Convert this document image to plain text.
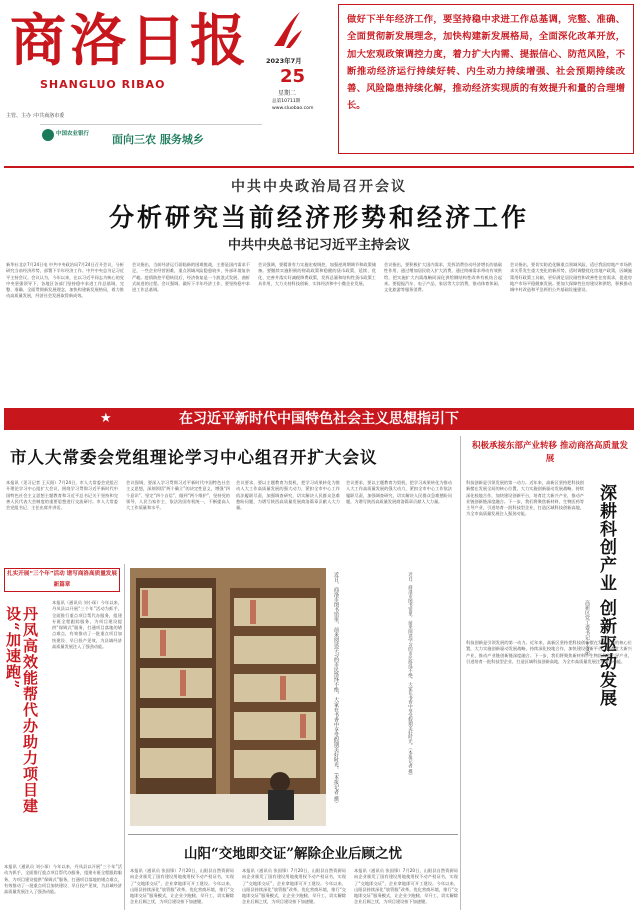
商洛日报
SHANGLUO RIBAO
主管、主办 :中共商洛市委
2023年7月
25
星期二
总第10711期
www.sluobao.com
中国农业银行 面向三农 服务城乡
做好下半年经济工作，要坚持稳中求进工作总基调，完整、准确、全面贯彻新发展理念，加快构建新发展格局，全面深化改革开放，加大宏观政策调控力度，着力扩大内需、提振信心、防范风险，不断推动经济运行持续好转、内生动力持续增强、社会预期持续改善、风险隐患持续化解，推动经济实现质的有效提升和量的合理增长。
中共中央政治局召开会议
分析研究当前经济形势和经济工作
中共中央总书记习近平主持会议
新华社北京7月24日电 中共中央政治局7月24日召开会议，分析研究当前经济形势，部署下半年经济工作。中共中央总书记习近平主持会议。会议认为，今年以来，在以习近平同志为核心的党中央坚强领导下，各地区各部门坚持稳中求进工作总基调，完整、准确、全面贯彻新发展理念，加快构建新发展格局，着力推动高质量发展，经济社会发展取得新成效。
会议指出，当前经济运行面临新的困难挑战，主要是国内需求不足，一些企业经营困难，重点领域风险隐患较多，外部环境复杂严峻。疫情防控平稳转段后，经济恢复是一个波浪式发展、曲折式前进的过程。会议强调，做好下半年经济工作，要坚持稳中求进工作总基调。
会议强调，要精准有力实施宏观调控，加强逆周期调节和政策储备。要继续实施积极的财政政策和稳健的货币政策，延续、优化、完善并落实好减税降费政策，发挥总量和结构性货币政策工具作用，大力支持科技创新、实体经济和中小微企业发展。
会议指出，要积极扩大国内需求，发挥消费拉动经济增长的基础性作用，通过增加居民收入扩大消费，通过终端需求带动有效供给，把实施扩大内需战略同深化供给侧结构性改革有机结合起来。要提振汽车、电子产品、家居等大宗消费，推动体育休闲、文化旅游等服务消费。
会议指出，要切实防范化解重点领域风险，适应我国房地产市场供求关系发生重大变化的新形势，适时调整优化房地产政策，因城施策用好政策工具箱，更好满足居民刚性和改善性住房需求，促进房地产市场平稳健康发展。要加大保障性住房建设和供给，积极推动城中村改造和平急两用公共基础设施建设。
★	在习近平新时代中国特色社会主义思想指引下
市人大常委会党组理论学习中心组召开扩大会议
本报讯（见习记者 王天阳）7月24日，市人大常委会党组召开理论学习中心组扩大会议，围绕学习贯彻习近平新时代中国特色社会主义思想主题教育和习近平总书记关于坚持和完善人民代表大会制度的重要思想进行交流研讨。市人大常委会党组书记、主任出席并讲话。
会议强调，要深入学习贯彻习近平新时代中国特色社会主义思想，深刻领悟“两个确立”的决定性意义，增强“四个意识”、坚定“四个自信”、做到“两个维护”，坚持党的领导、人民当家作主、依法治国有机统一，不断提高人大工作质量和水平。
会议要求，要以主题教育为契机，把学习成果转化为推动人大工作高质量发展的强大动力，紧扣全市中心工作依法履职尽责，加强调查研究，切实解决人民群众急难愁盼问题，为谱写陕西高质量发展商洛篇章贡献人大力量。
会议要求，要以主题教育为契机，把学习成果转化为推动人大工作高质量发展的强大动力，紧扣全市中心工作依法履职尽责，加强调查研究，切实解决人民群众急难愁盼问题，为谱写陕西高质量发展商洛篇章贡献人大力量。
积极承接东部产业转移 推动商洛高质量发展
科技创新是引领发展的第一动力。近年来，高新区坚持把科技创新摆在发展全局的核心位置，大力实施创新驱动发展战略，持续深化校地合作，加快建设创新平台，培育壮大新兴产业，推动产业链创新链深度融合。下一步，我们将聚焦新材料、生物医药等主导产业，引进培育一批科技型企业，打造区域科技创新高地，为全市高质量发展注入强劲动能。	深耕科创产业 创新驱动发展
高新区党工委书记 王文彬
科技创新是引领发展的第一动力。近年来，高新区坚持把科技创新摆在发展全局的核心位置，大力实施创新驱动发展战略，持续深化校地合作，加快建设创新平台，培育壮大新兴产业，推动产业链创新链深度融合。下一步，我们将聚焦新材料、生物医药等主导产业，引进培育一批科技型企业，打造区域科技创新高地，为全市高质量发展注入强劲动能。
扎实开展“三个年”活动 谱写商洛高质量发展新篇章
丹凤高效能帮代办助力项目建设“加速跑”
本报讯（通讯员 刘小琛）今年以来，丹凤县以开展“三个年”活动为抓手，全面推行重点项目帮代办服务，组建专班全程跟踪服务，为项目建设提供“保姆式”服务，打通项目落地的堵点难点，有效推动了一批重点项目加快建设、早日投产见效，为县域经济高质量发展注入了强劲动能。
本报讯（通讯员 刘小琛）今年以来，丹凤县以开展“三个年”活动为抓手，全面推行重点项目帮代办服务，组建专班全程跟踪服务，为项目建设提供“保姆式”服务，打通项目落地的堵点难点，有效推动了一批重点项目加快建设、早日投产见效，为县域经济高质量发展注入了强劲动能。
近日，商洛市图书馆里，前来阅读学习的市民络绎不绝，大家在书香中享受假期美好时光。（本报记者 摄）	近日，商洛市图书馆里，前来阅读学习的市民络绎不绝，大家在书香中享受假期美好时光。（本报记者 摄）
山阳“交地即交证”解除企业后顾之忧
本报讯（通讯员 张国锋）7月20日，山阳县自然资源局向企业颁发了国有建设用地使用权不动产权证书，实现了“交地即交证”，企业拿地即可开工建设。今年以来，山阳县持续深化“放管服”改革，优化营商环境，推行“交地即交证”服务模式，让企业少跑腿、早开工，切实解除企业后顾之忧，为项目建设按下加速键。
本报讯（通讯员 张国锋）7月20日，山阳县自然资源局向企业颁发了国有建设用地使用权不动产权证书，实现了“交地即交证”，企业拿地即可开工建设。今年以来，山阳县持续深化“放管服”改革，优化营商环境，推行“交地即交证”服务模式，让企业少跑腿、早开工，切实解除企业后顾之忧，为项目建设按下加速键。
本报讯（通讯员 张国锋）7月20日，山阳县自然资源局向企业颁发了国有建设用地使用权不动产权证书，实现了“交地即交证”，企业拿地即可开工建设。今年以来，山阳县持续深化“放管服”改革，优化营商环境，推行“交地即交证”服务模式，让企业少跑腿、早开工，切实解除企业后顾之忧，为项目建设按下加速键。
